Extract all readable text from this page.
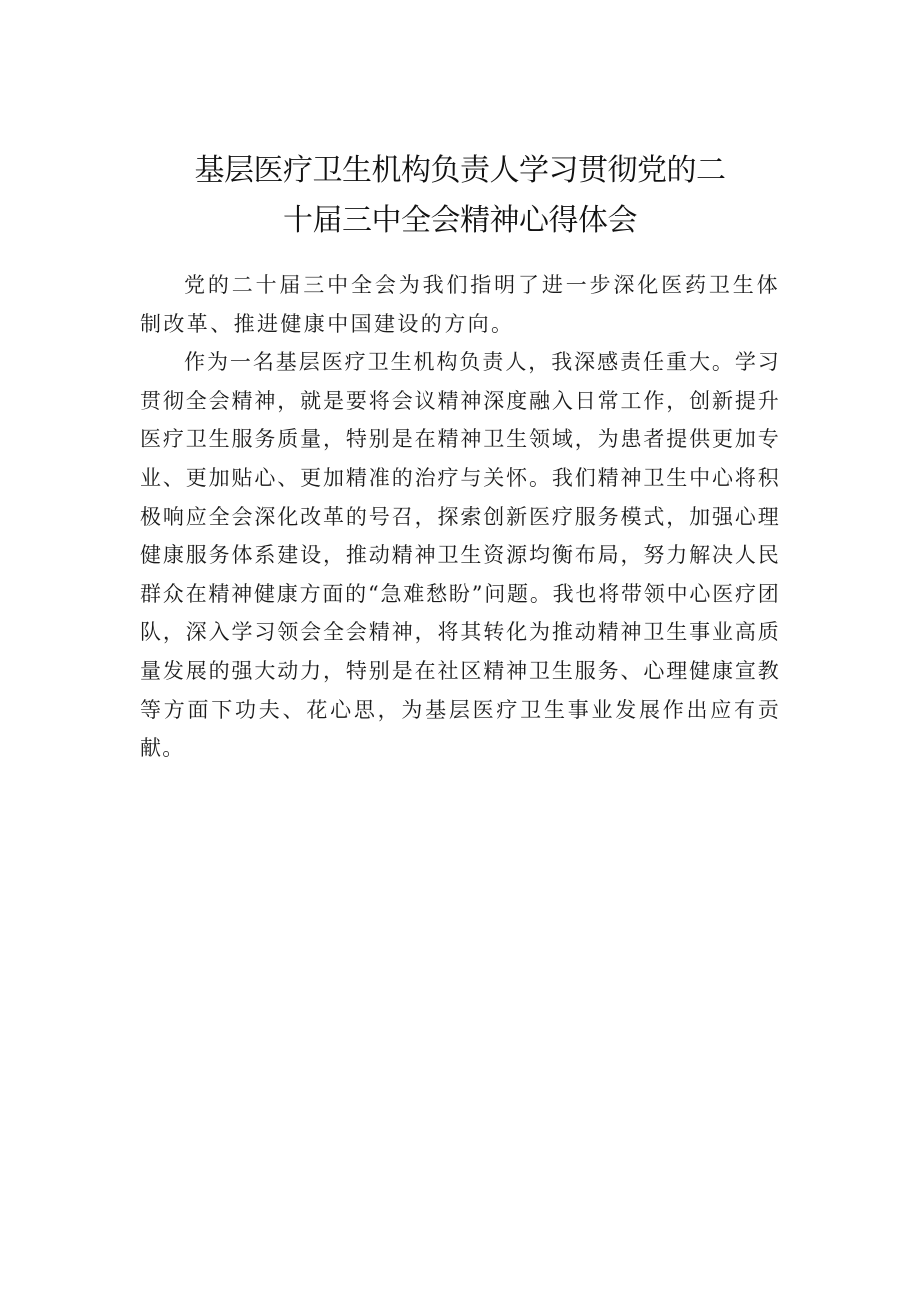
基层医疗卫生机构负责人学习贯彻党的二
十届三中全会精神心得体会

党的二十届三中全会为我们指明了进一步深化医药卫生体制改革、推进健康中国建设的方向。

作为一名基层医疗卫生机构负责人，我深感责任重大。学习贯彻全会精神，就是要将会议精神深度融入日常工作，创新提升医疗卫生服务质量，特别是在精神卫生领域，为患者提供更加专业、更加贴心、更加精准的治疗与关怀。我们精神卫生中心将积极响应全会深化改革的号召，探索创新医疗服务模式，加强心理健康服务体系建设，推动精神卫生资源均衡布局，努力解决人民群众在精神健康方面的“急难愁盼”问题。我也将带领中心医疗团队，深入学习领会全会精神，将其转化为推动精神卫生事业高质量发展的强大动力，特别是在社区精神卫生服务、心理健康宣教等方面下功夫、花心思，为基层医疗卫生事业发展作出应有贡献。
